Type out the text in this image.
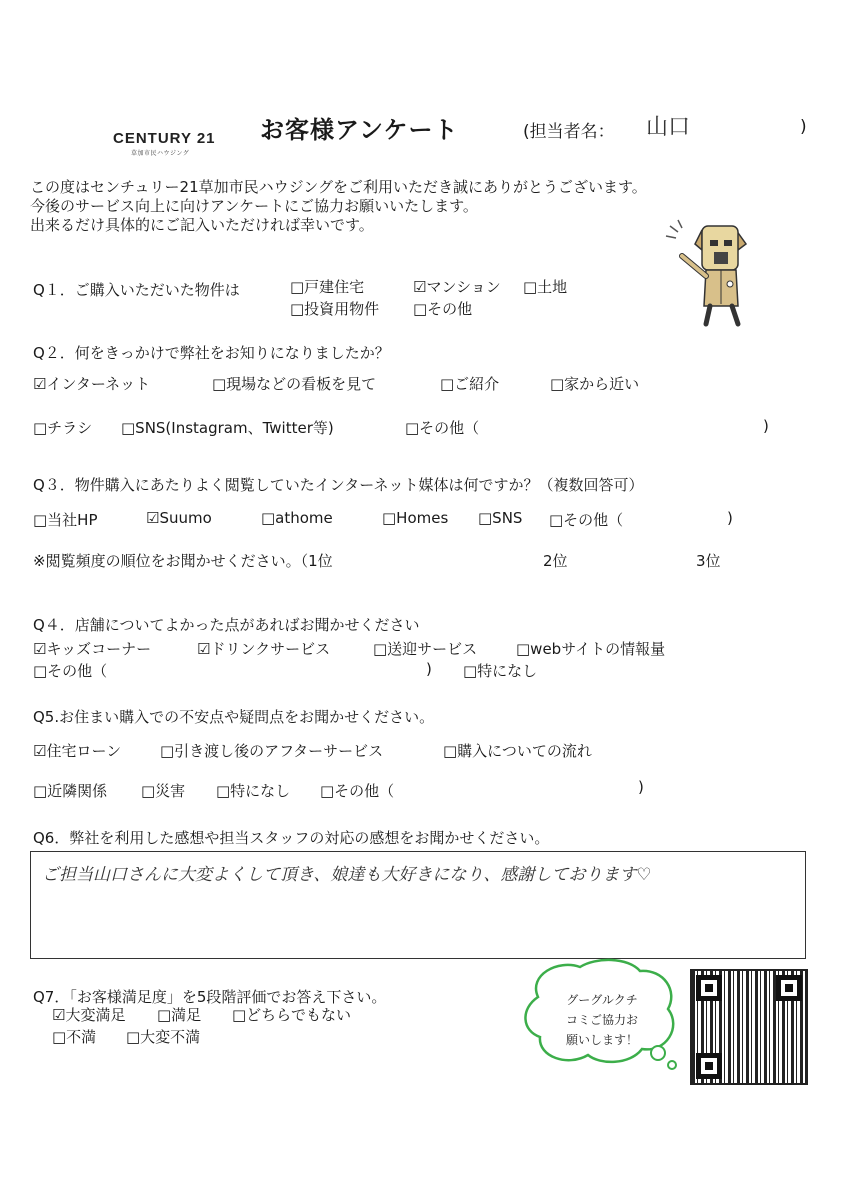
CENTURY 21
草加市民ハウジング
お客様アンケート	(担当者名： 山口	)
この度はセンチュリー21草加市民ハウジングをご利用いただき誠にありがとうございます。
今後のサービス向上に向けアンケートにご協力お願いいたします。
出来るだけ具体的にご記入いただければ幸いです。
Q１．ご購入いただいた物件は	□戸建住宅	☑マンション □土地
□投資用物件 □その他
Q２．何をきっかけで弊社をお知りになりましたか？
☑インターネット	□現場などの看板を見て	□ご紹介	□家から近い
□チラシ □SNS(Instagram、Twitter等)	□その他（	)
Q３．物件購入にあたりよく閲覧していたインターネット媒体は何ですか？（複数回答可）
□当社HP	☑Suumo	□athome	□Homes □SNS □その他（	)
※閲覧頻度の順位をお聞かせください。（1位	2位	3位
Q４．店舗についてよかった点があればお聞かせください
☑キッズコーナー	☑ドリンクサービス	□送迎サービス	□webサイトの情報量
□その他（	) □特になし
Q5.お住まい購入での不安点や疑問点をお聞かせください。
☑住宅ローン	□引き渡し後のアフターサービス	□購入についての流れ
□近隣関係 □災害 □特になし □その他（	)
Q6．弊社を利用した感想や担当スタッフの対応の感想をお聞かせください。
ご担当山口さんに大変よくして頂き、娘達も大好きになり、感謝しております♡
Q7．「お客様満足度」を5段階評価でお答え下さい。
☑大変満足 □満足 □どちらでもない
□不満 □大変不満
グーグルクチ
コミご協力お
願いします！
